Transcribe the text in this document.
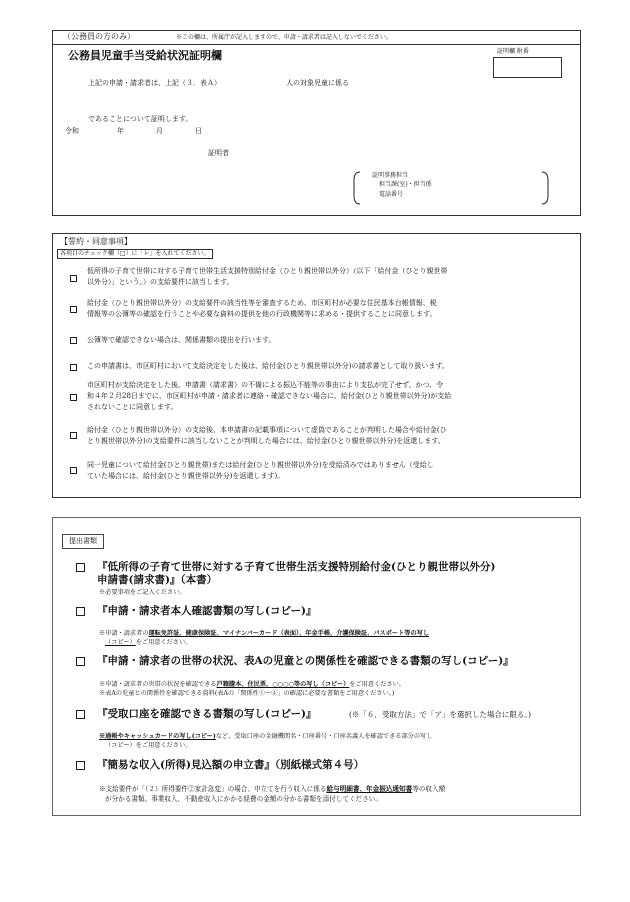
（公務員の方のみ）	※この欄は、所属庁が記入しますので、申請・請求者は記入しないでください。
公務員児童手当受給状況証明欄	証明欄 附番
上記の申請・請求者は、上記（３．表Ａ）	人の対象児童に係る
であることについて証明します。
令和	年	月	日
証明者
証明事務担当
担当課(室)・担当係
電話番号
【誓約・同意事項】
各項目のチェック欄（□）に「レ」を入れてください。
低所得の子育て世帯に対する子育て世帯生活支援特別給付金（ひとり親世帯以外分）（以下「給付金（ひとり親世帯
以外分）」という。）の支給要件に該当します。
給付金（ひとり親世帯以外分）の支給要件の該当性等を審査するため、市区町村が必要な住民基本台帳情報、税
情報等の公簿等の確認を行うことや必要な資料の提供を他の行政機関等に求める・提供することに同意します。
公簿等で確認できない場合は、関係書類の提出を行います。
この申請書は、市区町村において支給決定をした後は、給付金(ひとり親世帯以外分)の請求書として取り扱います。
市区町村が支給決定をした後、申請書（請求書）の不備による振込不能等の事由により支払が完了せず、かつ、令
和４年２月28日までに、市区町村が申請・請求者に連絡・確認できない場合に、給付金(ひとり親世帯以外分)が支給
されないことに同意します。
給付金（ひとり親世帯以外分）の支給後、本申請書の記載事項について虚偽であることが判明した場合や給付金(ひ
とり親世帯以外分)の支給要件に該当しないことが判明した場合には、給付金(ひとり親世帯以外分)を返還します。
同一児童について給付金(ひとり親世帯)または給付金(ひとり親世帯以外分)を受給済みではありません（受給し
ていた場合には、給付金(ひとり親世帯以外分)を返還します)。
提出書類
『低所得の子育て世帯に対する子育て世帯生活支援特別給付金(ひとり親世帯以外分)
申請書(請求書)』（本書）
※必要事項をご記入ください。
『申請・請求者本人確認書類の写し(コピー)』
※申請・請求者の運転免許証、健康保険証、マイナンバーカード（表面）、年金手帳、介護保険証、パスポート等の写し
（コピー）をご用意ください。
『申請・請求者の世帯の状況、表Aの児童との関係性を確認できる書類の写し(コピー)』
※申請・請求者の世帯の状況を確認できる戸籍謄本、住民票、○○○○等の写し（コピー）をご用意ください。
※表Aの児童との関係性を確認できる資料(表Aの「関係性①～④」の確認に必要な書類をご用意ください。)
『受取口座を確認できる書類の写し(コピー)』	(※「６．受取方法」で「ア」を選択した場合に限る。)
※通帳やキャッシュカードの写し(コピー)など、受取口座の金融機関名・口座番号・口座名義人を確認できる部分の写し
（コピー）をご用意ください。
『簡易な収入(所得)見込額の申立書』（別紙様式第４号）
※支給要件が「（２）所得要件②家計急変」の場合、申立てを行う収入に係る給与明細書、年金振込通知書等の収入額
が分かる書類、事業収入、不動産収入にかかる経費の金額の分かる書類を添付してください。
